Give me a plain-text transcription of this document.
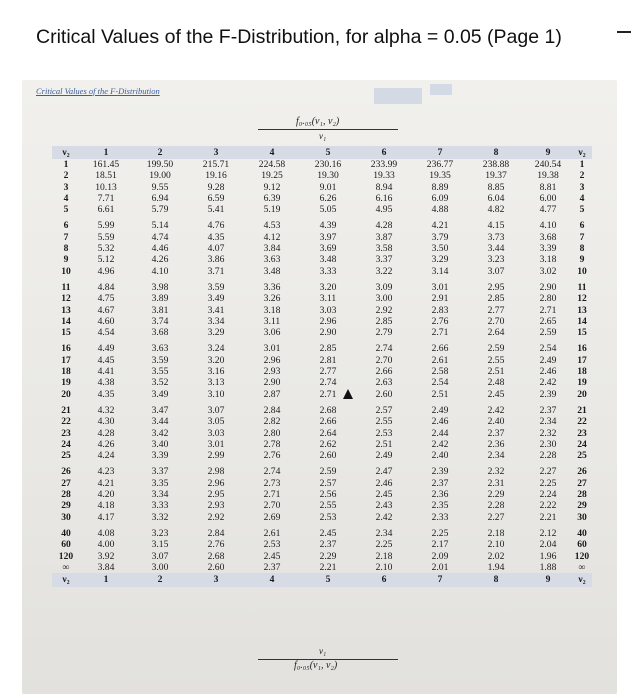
Critical Values of the F-Distribution, for alpha = 0.05 (Page 1)
Critical Values of the F-Distribution
f₀.₀₅(ν₁, ν₂)
ν₁
ν₂	1	2	3	4	5	6	7	8	9	ν₂
1	161.45	199.50	215.71	224.58	230.16	233.99	236.77	238.88	240.54	1
2	18.51	19.00	19.16	19.25	19.30	19.33	19.35	19.37	19.38	2
3	10.13	9.55	9.28	9.12	9.01	8.94	8.89	8.85	8.81	3
4	7.71	6.94	6.59	6.39	6.26	6.16	6.09	6.04	6.00	4
5	6.61	5.79	5.41	5.19	5.05	4.95	4.88	4.82	4.77	5
6	5.99	5.14	4.76	4.53	4.39	4.28	4.21	4.15	4.10	6
7	5.59	4.74	4.35	4.12	3.97	3.87	3.79	3.73	3.68	7
8	5.32	4.46	4.07	3.84	3.69	3.58	3.50	3.44	3.39	8
9	5.12	4.26	3.86	3.63	3.48	3.37	3.29	3.23	3.18	9
10	4.96	4.10	3.71	3.48	3.33	3.22	3.14	3.07	3.02	10
11	4.84	3.98	3.59	3.36	3.20	3.09	3.01	2.95	2.90	11
12	4.75	3.89	3.49	3.26	3.11	3.00	2.91	2.85	2.80	12
13	4.67	3.81	3.41	3.18	3.03	2.92	2.83	2.77	2.71	13
14	4.60	3.74	3.34	3.11	2.96	2.85	2.76	2.70	2.65	14
15	4.54	3.68	3.29	3.06	2.90	2.79	2.71	2.64	2.59	15
16	4.49	3.63	3.24	3.01	2.85	2.74	2.66	2.59	2.54	16
17	4.45	3.59	3.20	2.96	2.81	2.70	2.61	2.55	2.49	17
18	4.41	3.55	3.16	2.93	2.77	2.66	2.58	2.51	2.46	18
19	4.38	3.52	3.13	2.90	2.74	2.63	2.54	2.48	2.42	19
20	4.35	3.49	3.10	2.87	2.71	2.60	2.51	2.45	2.39	20
21	4.32	3.47	3.07	2.84	2.68	2.57	2.49	2.42	2.37	21
22	4.30	3.44	3.05	2.82	2.66	2.55	2.46	2.40	2.34	22
23	4.28	3.42	3.03	2.80	2.64	2.53	2.44	2.37	2.32	23
24	4.26	3.40	3.01	2.78	2.62	2.51	2.42	2.36	2.30	24
25	4.24	3.39	2.99	2.76	2.60	2.49	2.40	2.34	2.28	25
26	4.23	3.37	2.98	2.74	2.59	2.47	2.39	2.32	2.27	26
27	4.21	3.35	2.96	2.73	2.57	2.46	2.37	2.31	2.25	27
28	4.20	3.34	2.95	2.71	2.56	2.45	2.36	2.29	2.24	28
29	4.18	3.33	2.93	2.70	2.55	2.43	2.35	2.28	2.22	29
30	4.17	3.32	2.92	2.69	2.53	2.42	2.33	2.27	2.21	30
40	4.08	3.23	2.84	2.61	2.45	2.34	2.25	2.18	2.12	40
60	4.00	3.15	2.76	2.53	2.37	2.25	2.17	2.10	2.04	60
120	3.92	3.07	2.68	2.45	2.29	2.18	2.09	2.02	1.96	120
∞	3.84	3.00	2.60	2.37	2.21	2.10	2.01	1.94	1.88	∞
ν₂	1	2	3	4	5	6	7	8	9	ν₂
ν₁
f₀.₀₅(ν₁, ν₂)
